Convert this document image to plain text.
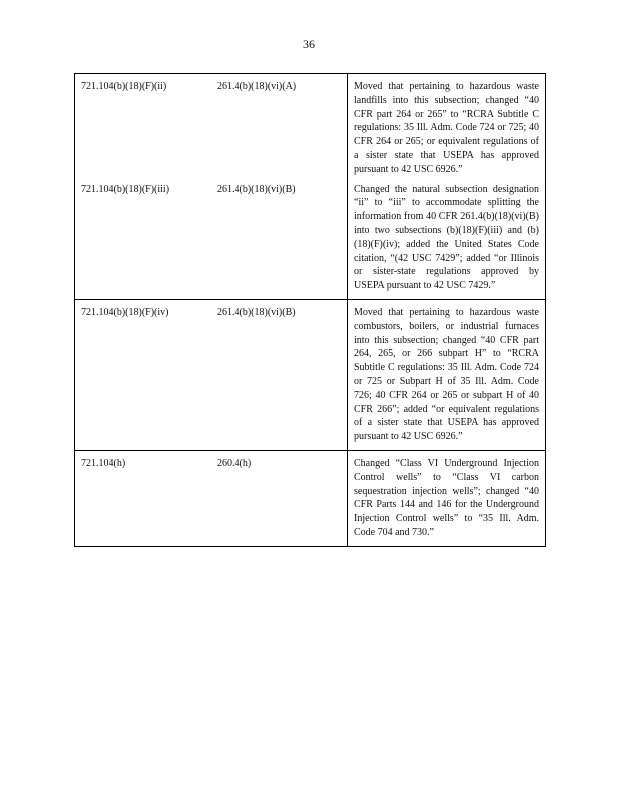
36
721.104(b)(18)(F)(ii)	261.4(b)(18)(vi)(A)	Moved that pertaining to hazardous waste landfills into this subsection; changed “40 CFR part 264 or 265” to “RCRA Subtitle C regulations: 35 Ill. Adm. Code 724 or 725; 40 CFR 264 or 265; or equivalent regulations of a sister state that USEPA has approved pursuant to 42 USC 6926.”
721.104(b)(18)(F)(iii)	261.4(b)(18)(vi)(B)	Changed the natural subsection designation “ii” to “iii” to accommodate splitting the information from 40 CFR 261.4(b)(18)(vi)(B) into two subsections (b)(18)(F)(iii) and (b)(18)(F)(iv); added the United States Code citation, “(42 USC 7429”; added “or Illinois or sister-state regulations approved by USEPA pursuant to 42 USC 7429.”
721.104(b)(18)(F)(iv)	261.4(b)(18)(vi)(B)	Moved that pertaining to hazardous waste combustors, boilers, or industrial furnaces into this subsection; changed “40 CFR part 264, 265, or 266 subpart H” to “RCRA Subtitle C regulations: 35 Ill. Adm. Code 724 or 725 or Subpart H of 35 Ill. Adm. Code 726; 40 CFR 264 or 265 or subpart H of 40 CFR 266”; added “or equivalent regulations of a sister state that USEPA has approved pursuant to 42 USC 6926.”
721.104(h)	260.4(h)	Changed “Class VI Underground Injection Control wells” to “Class VI carbon sequestration injection wells”; changed “40 CFR Parts 144 and 146 for the Underground Injection Control wells” to “35 Ill. Adm. Code 704 and 730.”
